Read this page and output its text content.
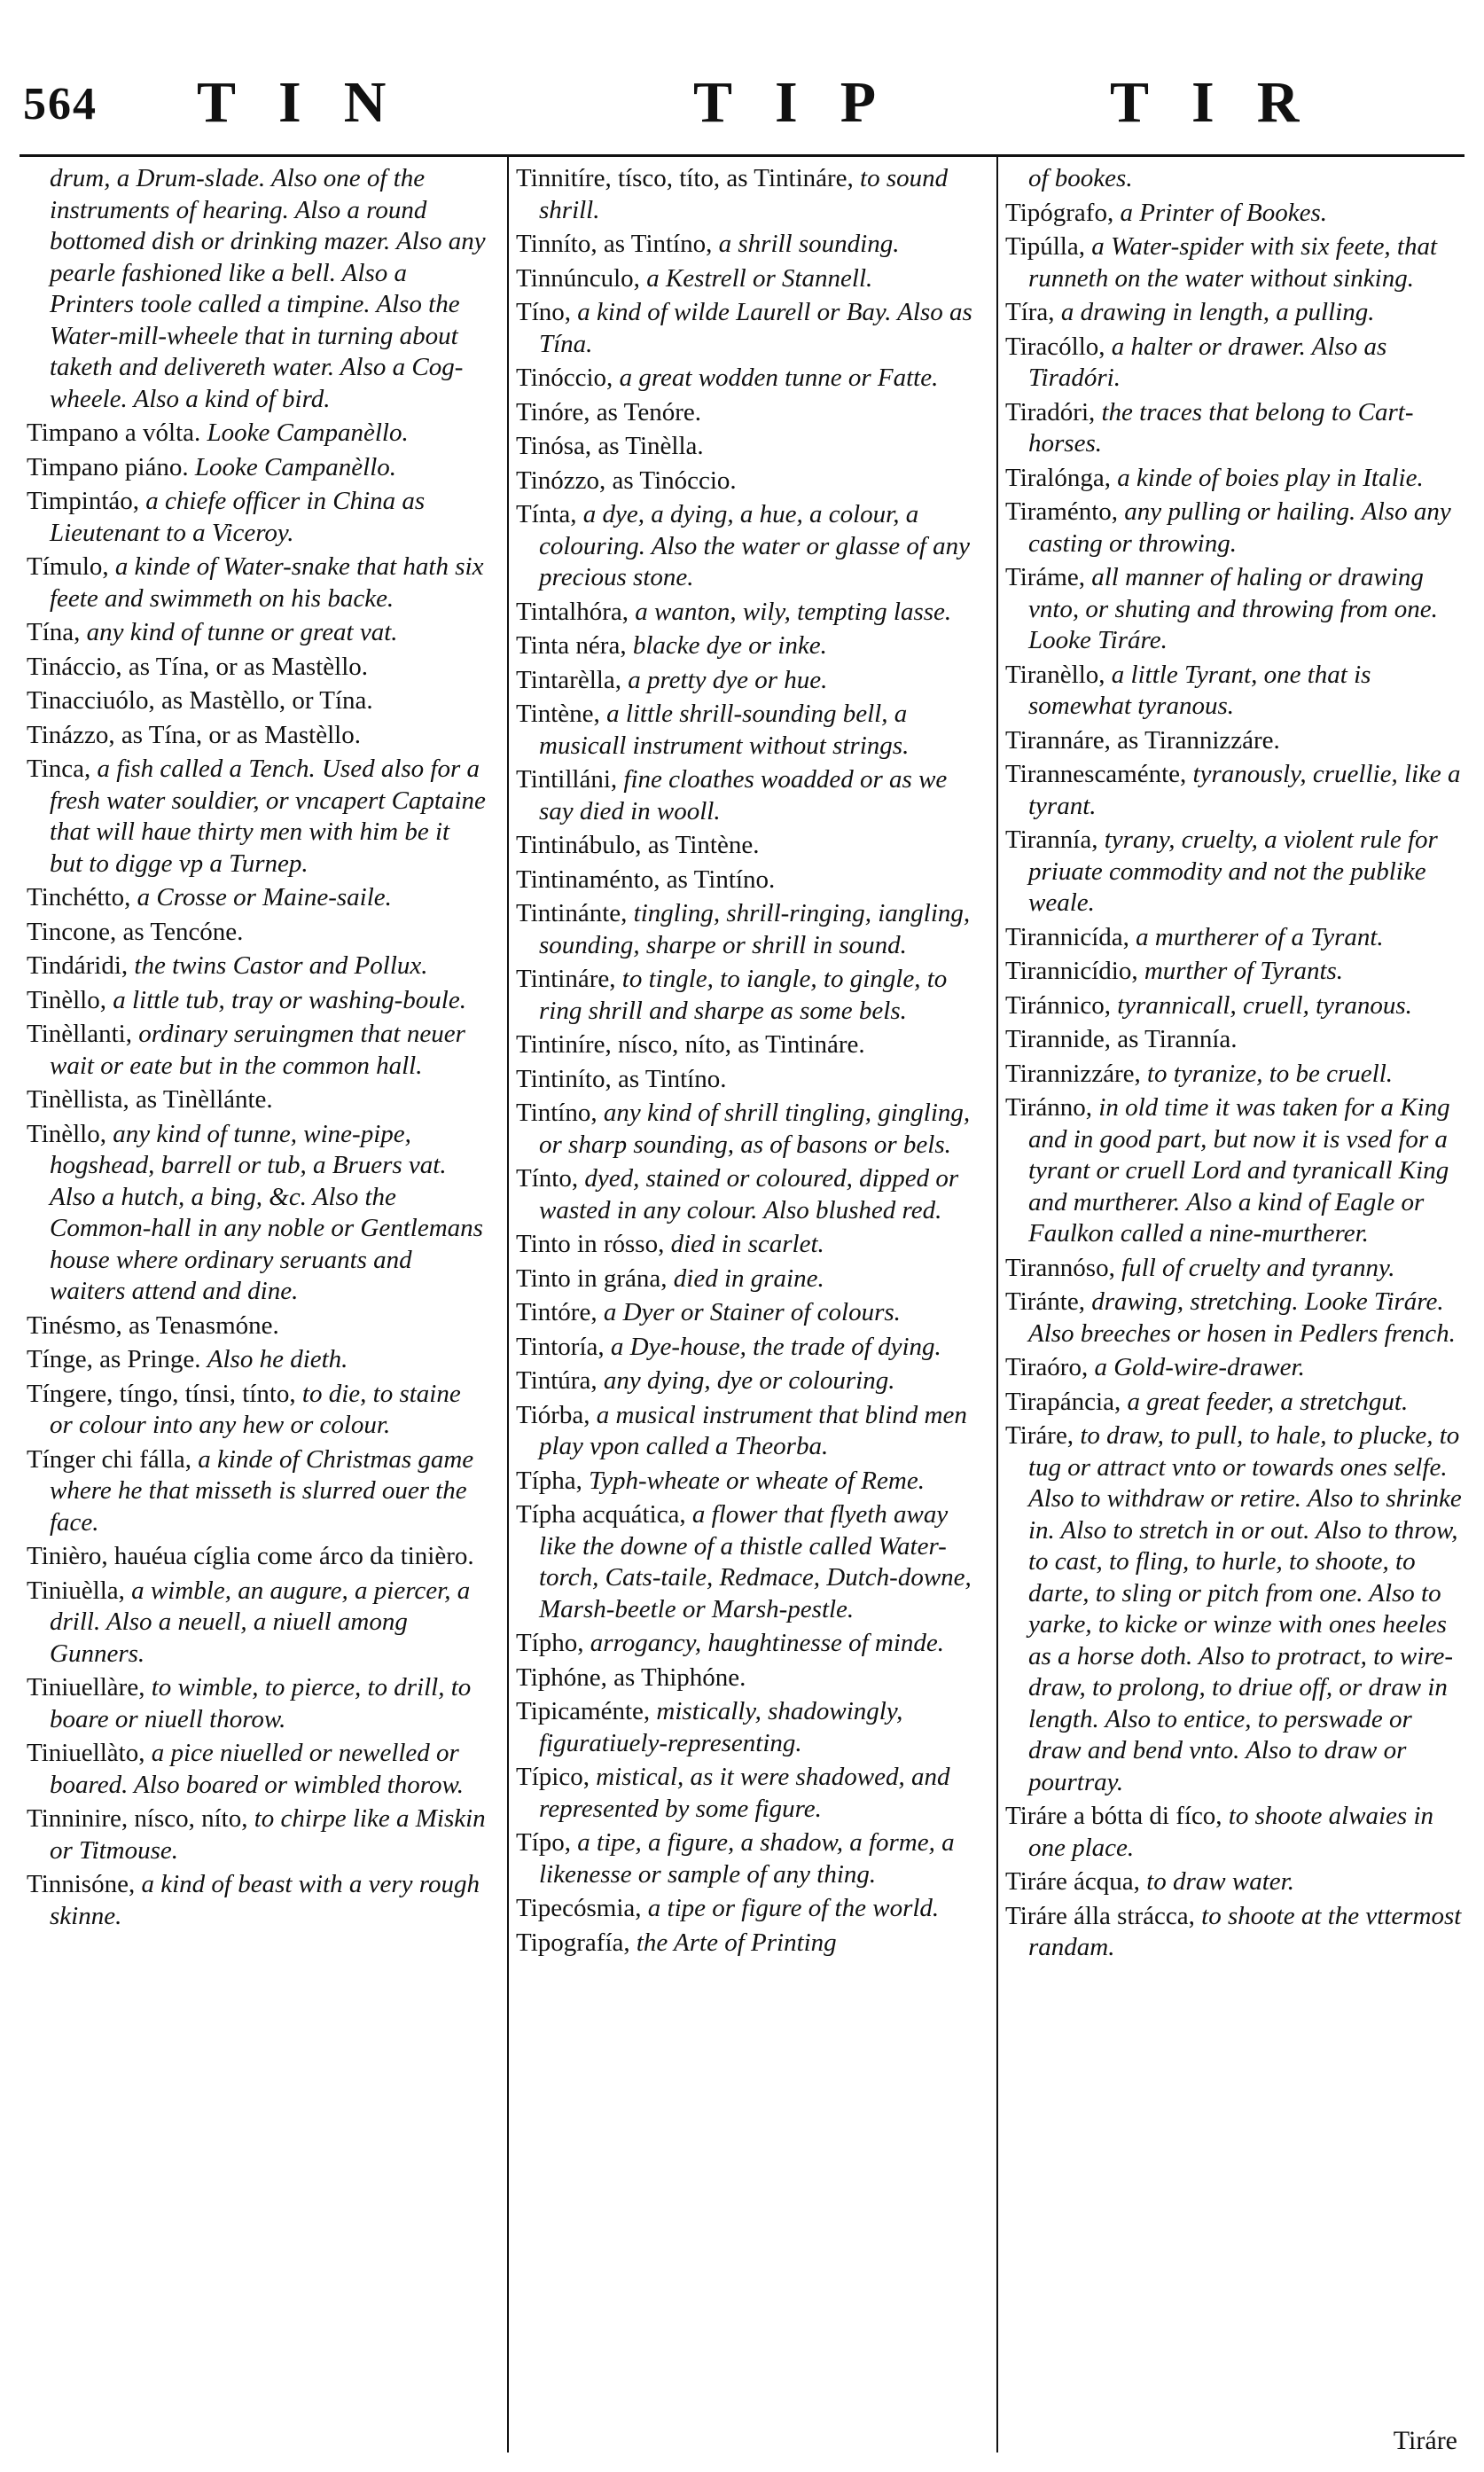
564 TIN	TIP	TIR
drum, a Drum-slade. Also one of the instruments of hearing. Also a round bottomed dish or drinking mazer. Also any pearle fashioned like a bell. Also a Printers toole called a timpine. Also the Water-mill-wheele that in turning about taketh and delivereth water. Also a Cog-wheele. Also a kind of bird.
Timpano a vólta. Looke Campanèllo.
Timpano piáno. Looke Campanèllo.
Timpintáo, a chiefe officer in China as Lieutenant to a Viceroy.
Tímulo, a kinde of Water-snake that hath six feete and swimmeth on his backe.
Tína, any kind of tunne or great vat.
Tináccio, as Tína, or as Mastèllo.
Tinacciuólo, as Mastèllo, or Tína.
Tinázzo, as Tína, or as Mastèllo.
Tinca, a fish called a Tench. Used also for a fresh water souldier, or vncapert Captaine that will haue thirty men with him be it but to digge vp a Turnep.
Tinchétto, a Crosse or Maine-saile.
Tincone, as Tencóne.
Tindáridi, the twins Castor and Pollux.
Tinèllo, a little tub, tray or washing-boule.
Tinèllanti, ordinary seruingmen that neuer wait or eate but in the common hall.
Tinèllista, as Tinèllánte.
Tinèllo, any kind of tunne, wine-pipe, hogshead, barrell or tub, a Bruers vat. Also a hutch, a bing, &c. Also the Common-hall in any noble or Gentlemans house where ordinary seruants and waiters attend and dine.
Tinésmo, as Tenasmóne.
Tínge, as Pringe. Also he dieth.
Tíngere, tíngo, tínsi, tínto, to die, to staine or colour into any hew or colour.
Tínger chi fálla, a kinde of Christmas game where he that misseth is slurred ouer the face.
Tinièro, hauéua cíglia come árco da tinièro.
Tiniuèlla, a wimble, an augure, a piercer, a drill. Also a neuell, a niuell among Gunners.
Tiniuellàre, to wimble, to pierce, to drill, to boare or niuell thorow.
Tiniuellàto, a pice niuelled or newelled or boared. Also boared or wimbled thorow.
Tinninire, nísco, níto, to chirpe like a Miskin or Titmouse.
Tinnisóne, a kind of beast with a very rough skinne.
Tinnitíre, tísco, títo, as Tintináre, to sound shrill.
Tinníto, as Tintíno, a shrill sounding.
Tinnúnculo, a Kestrell or Stannell.
Tíno, a kind of wilde Laurell or Bay. Also as Tína.
Tinóccio, a great wodden tunne or Fatte.
Tinóre, as Tenóre.
Tinósa, as Tinèlla.
Tinózzo, as Tinóccio.
Tínta, a dye, a dying, a hue, a colour, a colouring. Also the water or glasse of any precious stone.
Tintalhóra, a wanton, wily, tempting lasse.
Tinta néra, blacke dye or inke.
Tintarèlla, a pretty dye or hue.
Tintène, a little shrill-sounding bell, a musicall instrument without strings.
Tintilláni, fine cloathes woadded or as we say died in wooll.
Tintinábulo, as Tintène.
Tintinaménto, as Tintíno.
Tintinánte, tingling, shrill-ringing, iangling, sounding, sharpe or shrill in sound.
Tintináre, to tingle, to iangle, to gingle, to ring shrill and sharpe as some bels.
Tintiníre, nísco, níto, as Tintináre.
Tintiníto, as Tintíno.
Tintíno, any kind of shrill tingling, gingling, or sharp sounding, as of basons or bels.
Tínto, dyed, stained or coloured, dipped or wasted in any colour. Also blushed red.
Tinto in rósso, died in scarlet.
Tinto in grána, died in graine.
Tintóre, a Dyer or Stainer of colours.
Tintoría, a Dye-house, the trade of dying.
Tintúra, any dying, dye or colouring.
Tiórba, a musical instrument that blind men play vpon called a Theorba.
Típha, Typh-wheate or wheate of Reme.
Típha acquática, a flower that flyeth away like the downe of a thistle called Water-torch, Cats-taile, Redmace, Dutch-downe, Marsh-beetle or Marsh-pestle.
Típho, arrogancy, haughtinesse of minde.
Tiphóne, as Thiphóne.
Tipicaménte, mistically, shadowingly, figuratiuely-representing.
Típico, mistical, as it were shadowed, and represented by some figure.
Típo, a tipe, a figure, a shadow, a forme, a likenesse or sample of any thing.
Tipecósmia, a tipe or figure of the world.
Tipografía, the Arte of Printing
of bookes.
Tipógrafo, a Printer of Bookes.
Tipúlla, a Water-spider with six feete, that runneth on the water without sinking.
Tíra, a drawing in length, a pulling.
Tiracóllo, a halter or drawer. Also as Tiradóri.
Tiradóri, the traces that belong to Cart-horses.
Tiralónga, a kinde of boies play in Italie.
Tiraménto, any pulling or hailing. Also any casting or throwing.
Tiráme, all manner of haling or drawing vnto, or shuting and throwing from one. Looke Tiráre.
Tiranèllo, a little Tyrant, one that is somewhat tyranous.
Tirannáre, as Tirannizzáre.
Tirannescaménte, tyranously, cruellie, like a tyrant.
Tirannía, tyrany, cruelty, a violent rule for priuate commodity and not the publike weale.
Tirannicída, a murtherer of a Tyrant.
Tirannicídio, murther of Tyrants.
Tiránnico, tyrannicall, cruell, tyranous.
Tirannide, as Tirannía.
Tirannizzáre, to tyranize, to be cruell.
Tiránno, in old time it was taken for a King and in good part, but now it is vsed for a tyrant or cruell Lord and tyranicall King and murtherer. Also a kind of Eagle or Faulkon called a nine-murtherer.
Tirannóso, full of cruelty and tyranny.
Tiránte, drawing, stretching. Looke Tiráre. Also breeches or hosen in Pedlers french.
Tiraóro, a Gold-wire-drawer.
Tirapáncia, a great feeder, a stretchgut.
Tiráre, to draw, to pull, to hale, to plucke, to tug or attract vnto or towards ones selfe. Also to withdraw or retire. Also to shrinke in. Also to stretch in or out. Also to throw, to cast, to fling, to hurle, to shoote, to darte, to sling or pitch from one. Also to yarke, to kicke or winze with ones heeles as a horse doth. Also to protract, to wire-draw, to prolong, to driue off, or draw in length. Also to entice, to perswade or draw and bend vnto. Also to draw or pourtray.
Tiráre a bótta di fíco, to shoote alwaies in one place.
Tiráre ácqua, to draw water.
Tiráre álla strácca, to shoote at the vttermost randam.
Tiráre
